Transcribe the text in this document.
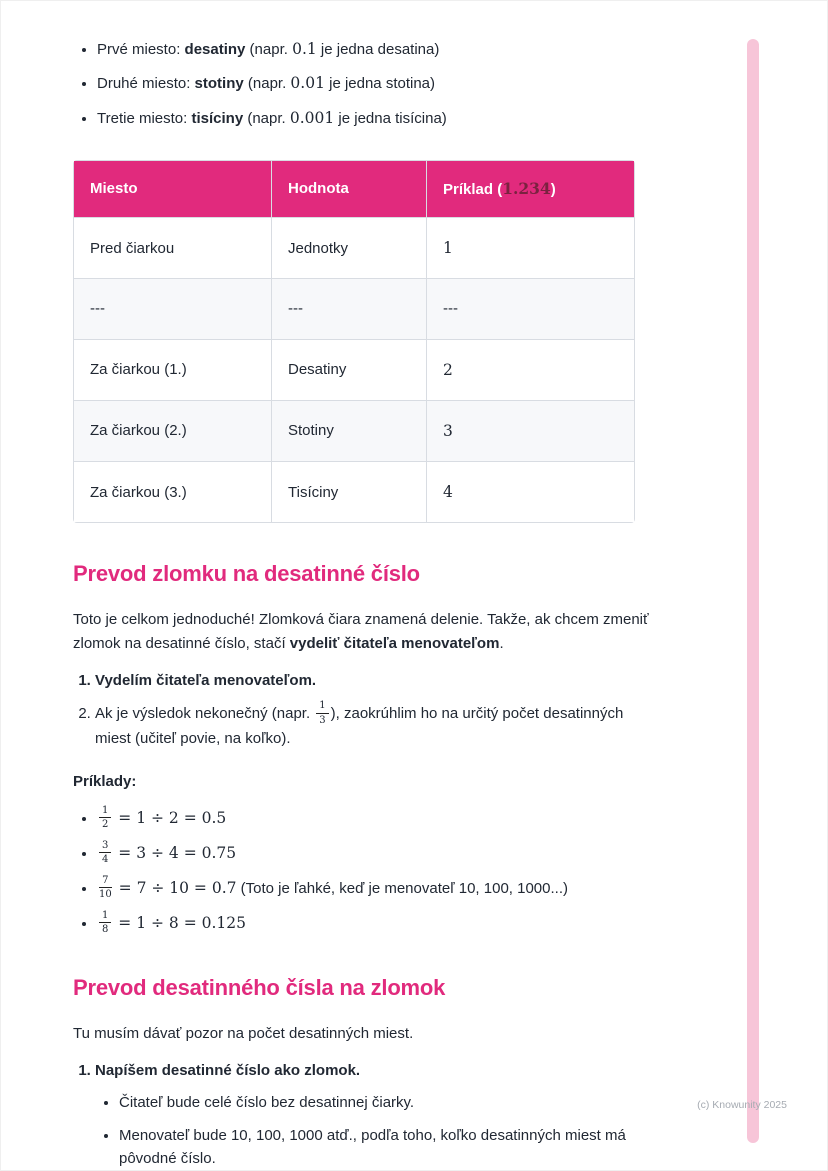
• Prvé miesto: desatiny (napr. 0.1 je jedna desatina)
• Druhé miesto: stotiny (napr. 0.01 je jedna stotina)
• Tretie miesto: tisíciny (napr. 0.001 je jedna tisícina)
Miesto	Hodnota	Príklad (1.234)
Pred čiarkou	Jednotky	1
---	---	---
Za čiarkou (1.)	Desatiny	2
Za čiarkou (2.)	Stotiny	3
Za čiarkou (3.)	Tisíciny	4
Prevod zlomku na desatinné číslo

Toto je celkom jednoduché! Zlomková čiara znamená delenie. Takže, ak chcem zmeniť zlomok na desatinné číslo, stačí vydeliť čitateľa menovateľom.

1. Vydelím čitateľa menovateľom.
2. Ak je výsledok nekonečný (napr. $\frac{1}{3}$ ), zaokrúhlim ho na určitý počet desatinných miest (učiteľ povie, na koľko).

Príklady:

• $\frac{1}{2} = 1 \div 2 = 0.5$
• $\frac{3}{4} = 3 \div 4 = 0.75$
• $\frac{7}{10} = 7 \div 10 = 0.7$ (Toto je ľahké, keď je menovateľ 10, 100, 1000...)
• $\frac{1}{8} = 1 \div 8 = 0.125$
Prevod desatinného čísla na zlomok

Tu musím dávať pozor na počet desatinných miest.

1. Napíšem desatinné číslo ako zlomok.
• Čitateľ bude celé číslo bez desatinnej čiarky.
• Menovateľ bude 10, 100, 1000 atď., podľa toho, koľko desatinných miest má pôvodné číslo.
(c) Knowunity 2025
